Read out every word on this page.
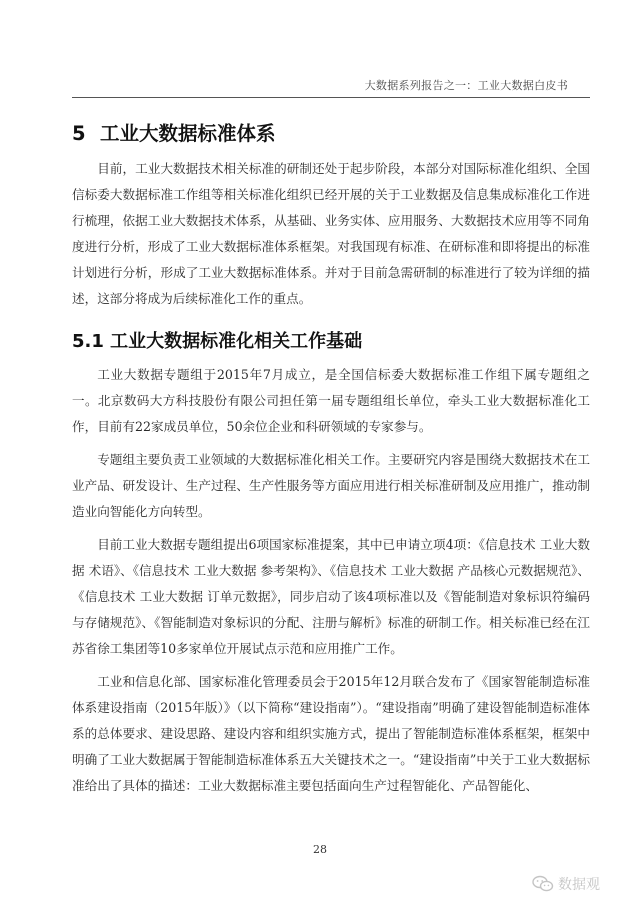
大数据系列报告之一：工业大数据白皮书
5 工业大数据标准体系

目前，工业大数据技术相关标准的研制还处于起步阶段，本部分对国际标准化组织、全国信标委大数据标准工作组等相关标准化组织已经开展的关于工业数据及信息集成标准化工作进行梳理，依据工业大数据技术体系，从基础、业务实体、应用服务、大数据技术应用等不同角度进行分析，形成了工业大数据标准体系框架。对我国现有标准、在研标准和即将提出的标准计划进行分析，形成了工业大数据标准体系。并对于目前急需研制的标准进行了较为详细的描述，这部分将成为后续标准化工作的重点。

5.1 工业大数据标准化相关工作基础

工业大数据专题组于2015年7月成立，是全国信标委大数据标准工作组下属专题组之一。北京数码大方科技股份有限公司担任第一届专题组组长单位，牵头工业大数据标准化工作，目前有22家成员单位，50余位企业和科研领域的专家参与。

专题组主要负责工业领域的大数据标准化相关工作。主要研究内容是围绕大数据技术在工业产品、研发设计、生产过程、生产性服务等方面应用进行相关标准研制及应用推广，推动制造业向智能化方向转型。

目前工业大数据专题组提出6项国家标准提案，其中已申请立项4项：《信息技术 工业大数据 术语》、《信息技术 工业大数据 参考架构》、《信息技术 工业大数据 产品核心元数据规范》、《信息技术 工业大数据 订单元数据》，同步启动了该4项标准以及《智能制造对象标识符编码与存储规范》、《智能制造对象标识的分配、注册与解析》标准的研制工作。相关标准已经在江苏省徐工集团等10多家单位开展试点示范和应用推广工作。

工业和信息化部、国家标准化管理委员会于2015年12月联合发布了《国家智能制造标准体系建设指南（2015年版）》（以下简称“建设指南”）。“建设指南”明确了建设智能制造标准体系的总体要求、建设思路、建设内容和组织实施方式，提出了智能制造标准体系框架，框架中明确了工业大数据属于智能制造标准体系五大关键技术之一。“建设指南”中关于工业大数据标准给出了具体的描述：工业大数据标准主要包括面向生产过程智能化、产品智能化、

28
数据观
